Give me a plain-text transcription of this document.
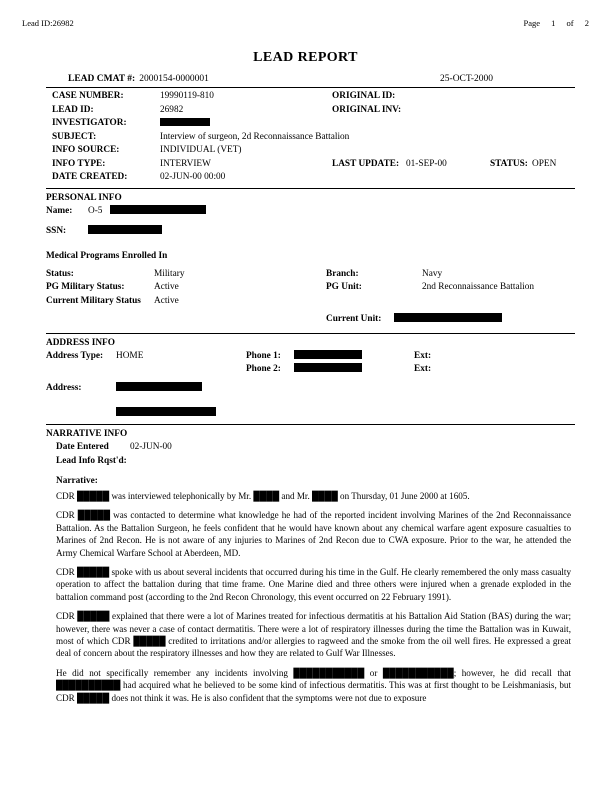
Lead ID:26982	Page 1 of 2
LEAD REPORT
LEAD CMAT #: 2000154-0000001	25-OCT-2000
CASE NUMBER:	19990119-810	ORIGINAL ID:
LEAD ID:	26982	ORIGINAL INV:
INVESTIGATOR:
SUBJECT:	Interview of surgeon, 2d Reconnaissance Battalion
INFO SOURCE:	INDIVIDUAL (VET)
INFO TYPE:	INTERVIEW	LAST UPDATE: 01-SEP-00	STATUS: OPEN
DATE CREATED:	02-JUN-00 00:00
PERSONAL INFO
Name:	O-5
SSN:
Medical Programs Enrolled In
Status:	Military	Branch:	Navy
PG Military Status:	Active	PG Unit:	2nd Reconnaissance Battalion
Current Military Status	Active
Current Unit:
ADDRESS INFO
Address Type:	HOME	Phone 1:	Ext:
Phone 2:	Ext:
Address:
NARRATIVE INFO
Date Entered	02-JUN-00
Lead Info Rqst'd:
Narrative:

CDR █████ was interviewed telephonically by Mr. ████ and Mr. ████ on Thursday, 01 June 2000 at 1605.

CDR █████ was contacted to determine what knowledge he had of the reported incident involving Marines of the 2nd Reconnaissance Battalion. As the Battalion Surgeon, he feels confident that he would have known about any chemical warfare agent exposure casualties to Marines of 2nd Recon. He is not aware of any injuries to Marines of 2nd Recon due to CWA exposure. Prior to the war, he attended the Army Chemical Warfare School at Aberdeen, MD.

CDR █████ spoke with us about several incidents that occurred during his time in the Gulf. He clearly remembered the only mass casualty operation to affect the battalion during that time frame. One Marine died and three others were injured when a grenade exploded in the battalion command post (according to the 2nd Recon Chronology, this event occurred on 22 February 1991).

CDR █████ explained that there were a lot of Marines treated for infectious dermatitis at his Battalion Aid Station (BAS) during the war; however, there was never a case of contact dermatitis. There were a lot of respiratory illnesses during the time the Battalion was in Kuwait, most of which CDR █████ credited to irritations and/or allergies to ragweed and the smoke from the oil well fires. He expressed a great deal of concern about the respiratory illnesses and how they are related to Gulf War Illnesses.

He did not specifically remember any incidents involving ███████████ or ███████████; however, he did recall that ██████████ had acquired what he believed to be some kind of infectious dermatitis. This was at first thought to be Leishmaniasis, but CDR █████ does not think it was. He is also confident that the symptoms were not due to exposure
